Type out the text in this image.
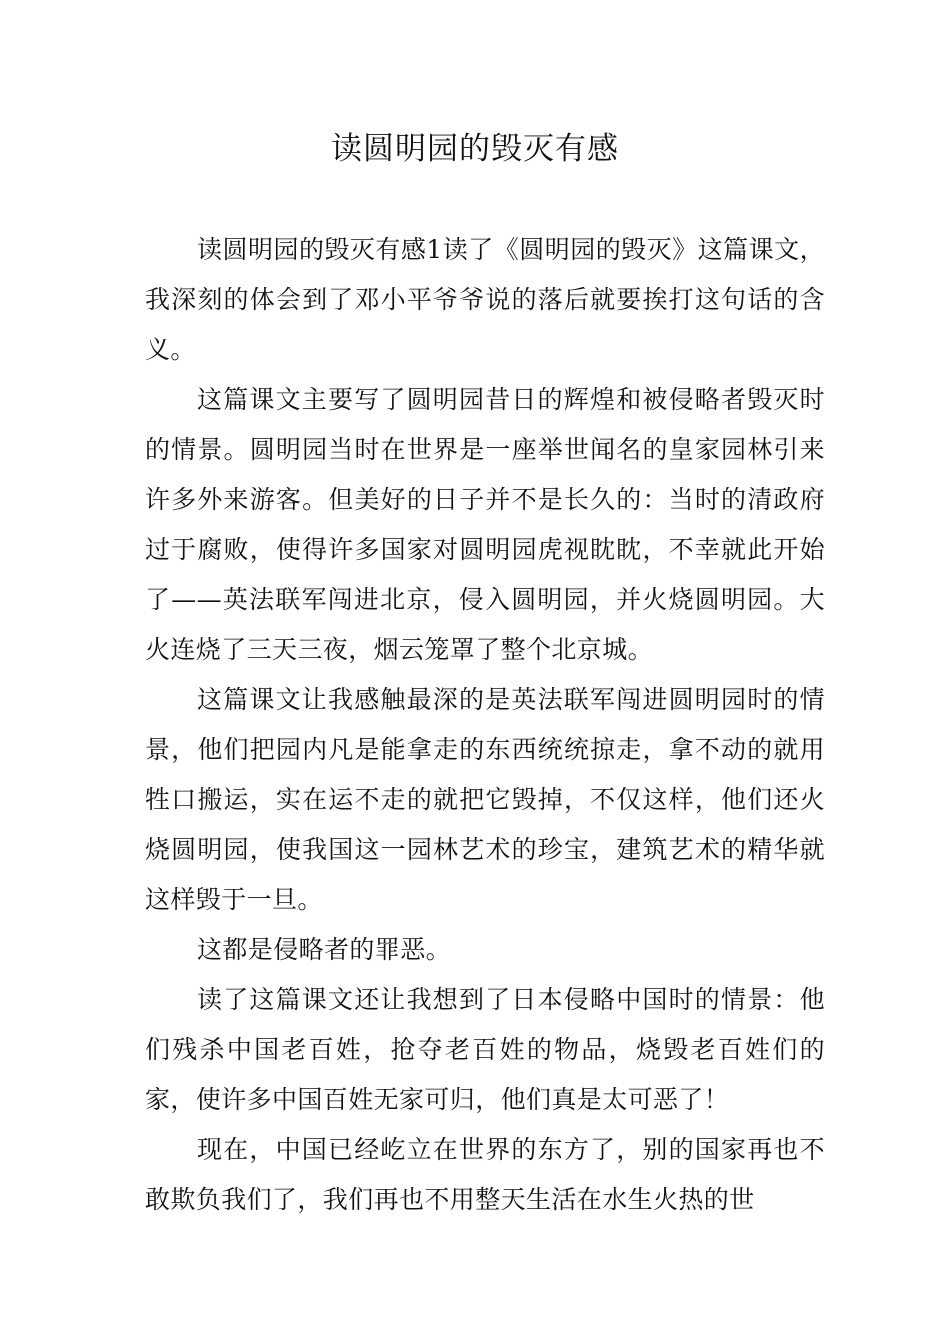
读圆明园的毁灭有感

读圆明园的毁灭有感1读了《圆明园的毁灭》这篇课文，我深刻的体会到了邓小平爷爷说的落后就要挨打这句话的含义。

这篇课文主要写了圆明园昔日的辉煌和被侵略者毁灭时的情景。圆明园当时在世界是一座举世闻名的皇家园林引来许多外来游客。但美好的日子并不是长久的：当时的清政府过于腐败，使得许多国家对圆明园虎视眈眈，不幸就此开始了——英法联军闯进北京，侵入圆明园，并火烧圆明园。大火连烧了三天三夜，烟云笼罩了整个北京城。

这篇课文让我感触最深的是英法联军闯进圆明园时的情景，他们把园内凡是能拿走的东西统统掠走，拿不动的就用牲口搬运，实在运不走的就把它毁掉，不仅这样，他们还火烧圆明园，使我国这一园林艺术的珍宝，建筑艺术的精华就这样毁于一旦。

这都是侵略者的罪恶。

读了这篇课文还让我想到了日本侵略中国时的情景：他们残杀中国老百姓，抢夺老百姓的物品，烧毁老百姓们的家，使许多中国百姓无家可归，他们真是太可恶了！

现在，中国已经屹立在世界的东方了，别的国家再也不敢欺负我们了，我们再也不用整天生活在水生火热的世
